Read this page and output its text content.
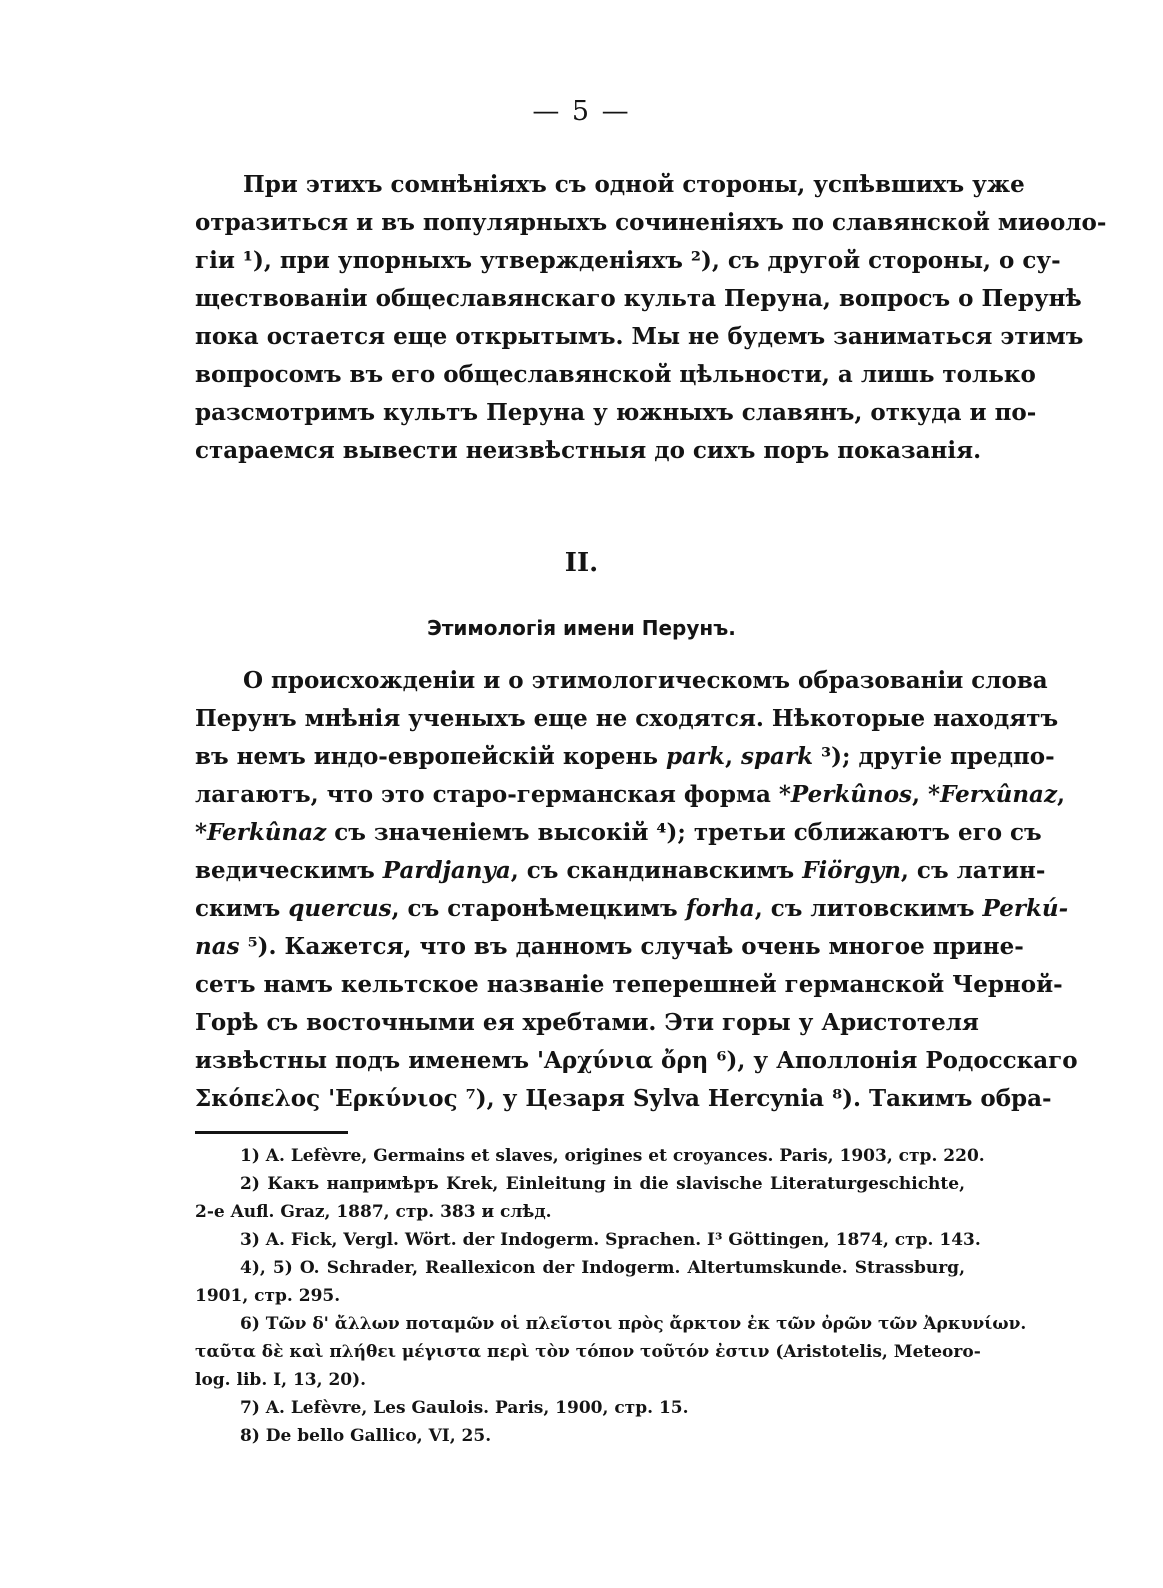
— 5 —
При этихъ сомнѣніяхъ съ одной стороны, успѣвшихъ уже
отразиться и въ популярныхъ сочиненіяхъ по славянской миѳоло-
гіи ¹), при упорныхъ утвержденіяхъ ²), съ другой стороны, о су-
ществованіи общеславянскаго культа Перуна, вопросъ о Перунѣ
пока остается еще открытымъ. Мы не будемъ заниматься этимъ
вопросомъ въ его общеславянской цѣльности, а лишь только
разсмотримъ культъ Перуна у южныхъ славянъ, откуда и по-
стараемся вывести неизвѣстныя до сихъ поръ показанія.
II.
Этимологія имени Перунъ.
О происхожденіи и о этимологическомъ образованіи слова
Перунъ мнѣнія ученыхъ еще не сходятся. Нѣкоторые находятъ
въ немъ индо-европейскій корень park, spark ³); другіе предпо-
лагаютъ, что это старо-германская форма *Perkûnos, *Ferxûnaz,
*Ferkûnaz съ значеніемъ высокій ⁴); третьи сближаютъ его съ
ведическимъ Pardjanya, съ скандинавскимъ Fiörgyn, съ латин-
скимъ quercus, съ старонѣмецкимъ forha, съ литовскимъ Perkú-
nas ⁵). Кажется, что въ данномъ случаѣ очень многое прине-
сетъ намъ кельтское названіе теперешней германской Черной-
Горѣ съ восточными ея хребтами. Эти горы у Аристотеля
извѣстны подъ именемъ 'Αρχύνια ὄρη ⁶), у Аполлонія Родосскаго
Σκόπελος 'Ερκύνιος ⁷), у Цезаря Sylva Hercynia ⁸). Такимъ обра-
1) A. Lefèvre, Germains et slaves, origines et croyances. Paris, 1903, стр. 220.
2) Какъ напримѣръ Krek, Einleitung in die slavische Literaturgeschichte,
2-е Aufl. Graz, 1887, стр. 383 и слѣд.
3) A. Fick, Vergl. Wört. der Indogerm. Sprachen. I³ Göttingen, 1874, стр. 143.
4), 5) O. Schrader, Reallexicon der Indogerm. Altertumskunde. Strassburg,
1901, стр. 295.
6) Τῶν δ' ἄλλων ποταμῶν οἱ πλεῖστοι πρὸς ἄρκτον ἐκ τῶν ὀρῶν τῶν Ἀρκυνίων.
ταῦτα δὲ καὶ πλήθει μέγιστα περὶ τὸν τόπον τοῦτόν ἐστιν (Aristotelis, Meteoro-
log. lib. I, 13, 20).
7) A. Lefèvre, Les Gaulois. Paris, 1900, стр. 15.
8) De bello Gallico, VI, 25.
